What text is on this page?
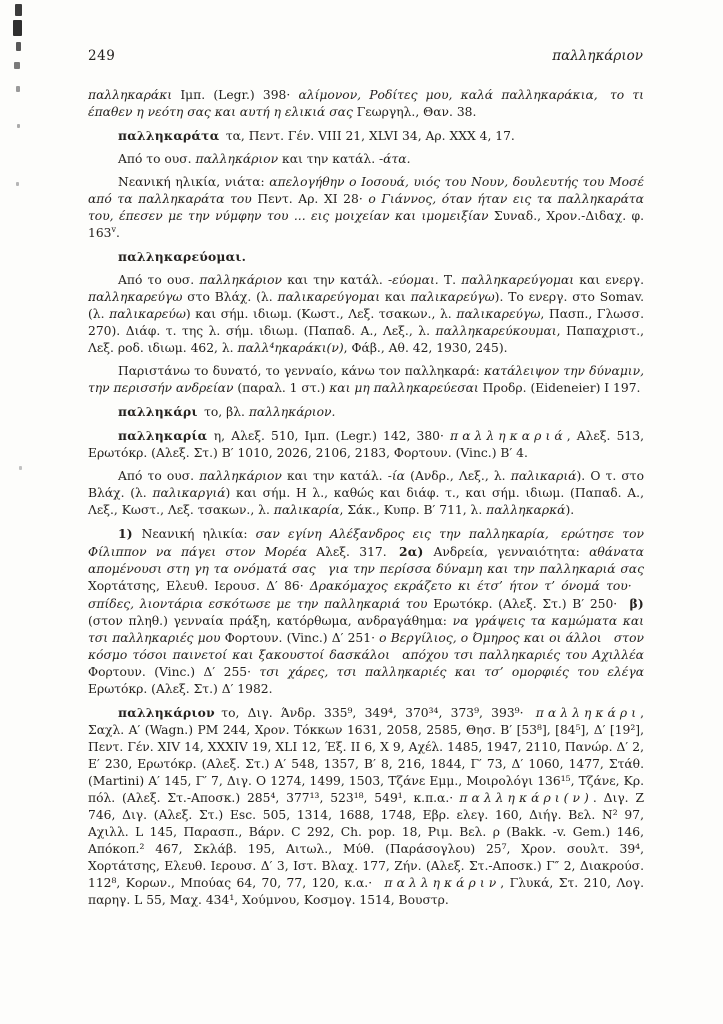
249	παλληκάριον

παλληκαράκι Ιμπ. (Legr.) 398· αλίμονον, Ροδίτες μου, καλά παλληκαράκια, το τι έπαθεν η νεότη σας και αυτή η ελικιά σας Γεωργηλ., Θαν. 38.

παλληκαράτα τα, Πεντ. Γέν. VIII 21, XLVI 34, Αρ. XXX 4, 17.

Από το ουσ. παλληκάριον και την κατάλ. -άτα.

Νεανική ηλικία, νιάτα: απελογήθην ο Ιοσουά, υιός του Νουν, δουλευτής του Μοσέ από τα παλληκαράτα του Πεντ. Αρ. XI 28· ο Γιάννος, όταν ήταν εις τα παλληκαράτα του, έπεσεν με την νύμφην του ... εις μοιχείαν και ιμομειξίαν Συναδ., Χρον.-Διδαχ. φ. 163$^v$.

παλληκαρεύομαι.

Από το ουσ. παλληκάριον και την κατάλ. -εύομαι. Τ. παλληκαρεύγομαι και ενεργ. παλληκαρεύγω στο Βλάχ. (λ. παλικαρεύγομαι και παλικαρεύγω). Το ενεργ. στο Somav. (λ. παλικαρεύω) και σήμ. ιδιωμ. (Κωστ., Λεξ. τσακων., λ. παλικαρεύγω, Πασπ., Γλωσσ. 270). Διάφ. τ. της λ. σήμ. ιδιωμ. (Παπαδ. Α., Λεξ., λ. παλληκαρεύκουμαι, Παπαχριστ., Λεξ. ροδ. ιδιωμ. 462, λ. παλλ⁴ηκαράκι(ν), Φάβ., Αθ. 42, 1930, 245).

Παριστάνω το δυνατό, το γενναίο, κάνω τον παλληκαρά: κατάλειψον την δύναμιν, την περισσήν ανδρείαν (παραλ. 1 στ.) και μη παλληκαρεύεσαι Προδρ. (Eideneier) I 197.

παλληκάρι το, βλ. παλληκάριον.

παλληκαρία η, Αλεξ. 510, Ιμπ. (Legr.) 142, 380· παλληκαριά, Αλεξ. 513, Ερωτόκρ. (Αλεξ. Στ.) Β′ 1010, 2026, 2106, 2183, Φορτουν. (Vinc.) Β′ 4.

Από το ουσ. παλληκάριον και την κατάλ. -ία (Ανδρ., Λεξ., λ. παλικαριά). Ο τ. στο Βλάχ. (λ. παλικαργιά) και σήμ. Η λ., καθώς και διάφ. τ., και σήμ. ιδιωμ. (Παπαδ. Α., Λεξ., Κωστ., Λεξ. τσακων., λ. παλικαρία, Σάκ., Κυπρ. Β′ 711, λ. παλληκαρκά).

1) Νεανική ηλικία: σαν εγίνη Αλέξανδρος εις την παλληκαρία, ερώτησε τον Φίλιππον να πάγει στον Μορέα Αλεξ. 317. 2α) Ανδρεία, γενναιότητα: αθάνατα απομένουσι στη γη τα ονόματά σας για την περίσσα δύναμη και την παλληκαριά σας Χορτάτσης, Ελευθ. Ιερουσ. Δ′ 86· Δρακόμαχος εκράζετο κι έτσ’ ήτον τ’ όνομά του· σπίδες, λιοντάρια εσκότωσε με την παλληκαριά του Ερωτόκρ. (Αλεξ. Στ.) Β′ 250· β) (στον πληθ.) γενναία πράξη, κατόρθωμα, ανδραγάθημα: να γράψεις τα καμώματα και τσι παλληκαριές μου Φορτουν. (Vinc.) Δ′ 251· ο Βεργίλιος, ο Όμηρος και οι άλλοι στον κόσμο τόσοι παινετοί και ξακουστοί δασκάλοι απόχου τσι παλληκαριές του Αχιλλέα Φορτουν. (Vinc.) Δ′ 255· τσι χάρες, τσι παλληκαριές και τσ’ ομορφιές του ελέγα Ερωτόκρ. (Αλεξ. Στ.) Δ′ 1982.

παλληκάριον το, Διγ. Άνδρ. 335⁹, 349⁴, 370³⁴, 373⁹, 393⁹· παλληκάρι, Σαχλ. Α′ (Wagn.) PM 244, Χρον. Τόκκων 1631, 2058, 2585, Θησ. Β′ [53⁸], [84⁵], Δ′ [19²], Πεντ. Γέν. XIV 14, XXXIV 19, XLI 12, Έξ. II 6, X 9, Αχέλ. 1485, 1947, 2110, Πανώρ. Δ′ 2, Ε′ 230, Ερωτόκρ. (Αλεξ. Στ.) Α′ 548, 1357, Β′ 8, 216, 1844, Γ′ 73, Δ′ 1060, 1477, Στάθ. (Martini) Α′ 145, Γ′ 7, Διγ. Ο 1274, 1499, 1503, Τζάνε Εμμ., Μοιρολόγι 136¹⁵, Τζάνε, Κρ. πόλ. (Αλεξ. Στ.-Αποσκ.) 285⁴, 377¹³, 523¹⁸, 549¹, κ.π.α.· παλληκάρι(ν). Διγ. Ζ 746, Διγ. (Αλεξ. Στ.) Esc. 505, 1314, 1688, 1748, Εβρ. ελεγ. 160, Διήγ. Βελ. Ν² 97, Αχιλλ. L 145, Παρασπ., Βάρν. C 292, Ch. pop. 18, Ριμ. Βελ. ρ (Bakk. -v. Gem.) 146, Απόκοπ.² 467, Σκλάβ. 195, Αιτωλ., Μύθ. (Παράσογλου) 25⁷, Χρον. σουλτ. 39⁴, Χορτάτσης, Ελευθ. Ιερουσ. Δ′ 3, Ιστ. Βλαχ. 177, Ζήν. (Αλεξ. Στ.-Αποσκ.) Γ″ 2, Διακρούσ. 112⁸, Κορων., Μπούας 64, 70, 77, 120, κ.α.· παλληκάριν, Γλυκά, Στ. 210, Λογ. παρηγ. L 55, Μαχ. 434¹, Χούμνου, Κοσμογ. 1514, Βουστρ.
